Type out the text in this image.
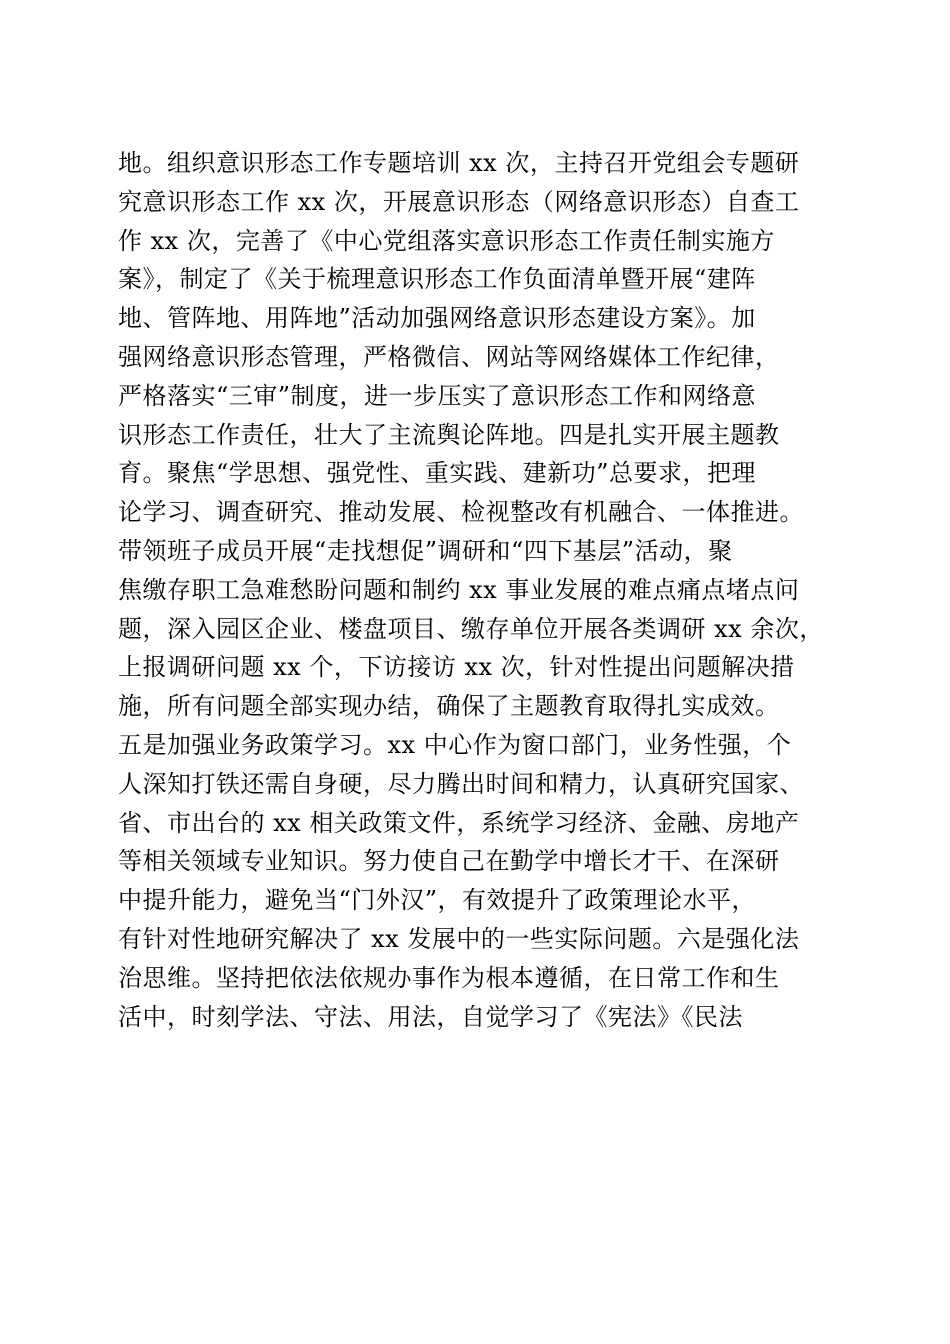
地。组织意识形态工作专题培训 xx 次，主持召开党组会专题研
究意识形态工作 xx 次，开展意识形态（网络意识形态）自查工
作 xx 次，完善了《中心党组落实意识形态工作责任制实施方
案》，制定了《关于梳理意识形态工作负面清单暨开展“建阵
地、管阵地、用阵地”活动加强网络意识形态建设方案》。加
强网络意识形态管理，严格微信、网站等网络媒体工作纪律，
严格落实“三审”制度，进一步压实了意识形态工作和网络意
识形态工作责任，壮大了主流舆论阵地。四是扎实开展主题教
育。聚焦“学思想、强党性、重实践、建新功”总要求，把理
论学习、调查研究、推动发展、检视整改有机融合、一体推进。
带领班子成员开展“走找想促”调研和“四下基层”活动，聚
焦缴存职工急难愁盼问题和制约 xx 事业发展的难点痛点堵点问
题，深入园区企业、楼盘项目、缴存单位开展各类调研 xx 余次，
上报调研问题 xx 个，下访接访 xx 次，针对性提出问题解决措
施，所有问题全部实现办结，确保了主题教育取得扎实成效。
五是加强业务政策学习。xx 中心作为窗口部门，业务性强，个
人深知打铁还需自身硬，尽力腾出时间和精力，认真研究国家、
省、市出台的 xx 相关政策文件，系统学习经济、金融、房地产
等相关领域专业知识。努力使自己在勤学中增长才干、在深研
中提升能力，避免当“门外汉”，有效提升了政策理论水平，
有针对性地研究解决了 xx 发展中的一些实际问题。六是强化法
治思维。坚持把依法依规办事作为根本遵循，在日常工作和生
活中，时刻学法、守法、用法，自觉学习了《宪法》《民法
